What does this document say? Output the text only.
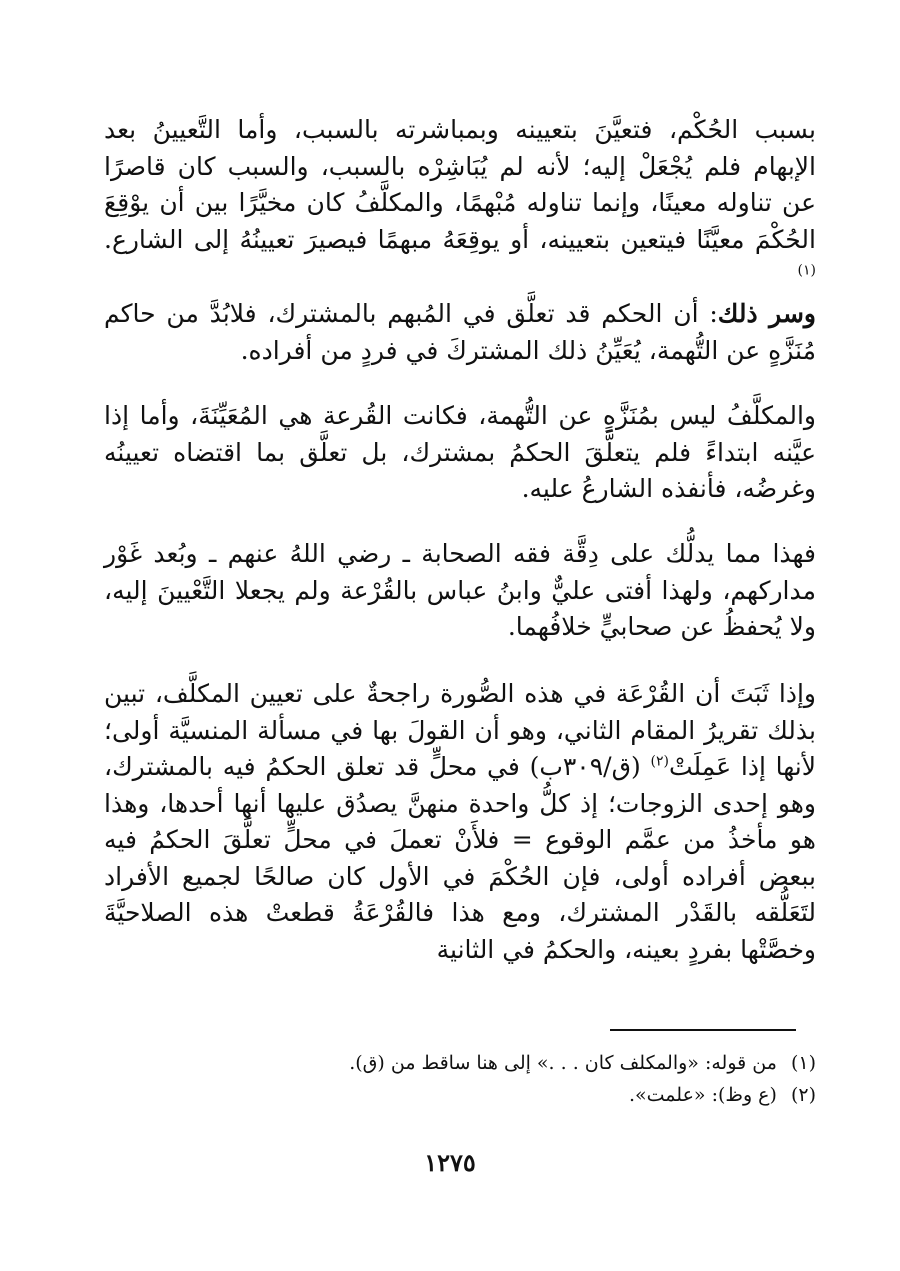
بسبب الحُكْم، فتعيَّنَ بتعيينه وبمباشرته بالسبب، وأما التَّعيينُ بعد الإبهام فلم يُجْعَلْ إليه؛ لأنه لم يُبَاشِرْه بالسبب، والسبب كان قاصرًا عن تناوله معينًا، وإنما تناوله مُبْهمًا، والمكلَّفُ كان مخيَّرًا بين أن يوْقِعَ الحُكْمَ معيَّنًا فيتعين بتعيينه، أو يوقِعَهُ مبهمًا فيصيرَ تعيينُهُ إلى الشارع. $^{(١)}$

وسر ذلك: أن الحكم قد تعلَّق في المُبهم بالمشترك، فلابُدَّ من حاكم مُنَزَّهٍ عن التُّهمة، يُعَيِّنُ ذلك المشتركَ في فردٍ من أفراده.

والمكلَّفُ ليس بمُنَزَّهٍ عن التُّهمة، فكانت القُرعة هي المُعَيِّنَةَ، وأما إذا عيَّنه ابتداءً فلم يتعلَّقَ الحكمُ بمشترك، بل تعلَّق بما اقتضاه تعيينُه وغرضُه، فأنفذه الشارعُ عليه.

فهذا مما يدلُّك على دِقَّة فقه الصحابة ـ رضي اللهُ عنهم ـ وبُعد غَوْر مداركهم، ولهذا أفتى عليٌّ وابنُ عباس بالقُرْعة ولم يجعلا التَّعْيينَ إليه، ولا يُحفظُ عن صحابيٍّ خلافُهما.

وإذا ثَبَتَ أن القُرْعَة في هذه الصُّورة راجحةٌ على تعيين المكلَّف، تبين بذلك تقريرُ المقام الثاني، وهو أن القولَ بها في مسألة المنسيَّة أولى؛ لأنها إذا عَمِلَتْ$^{(٢)}$ (ق/٣٠٩ب) في محلٍّ قد تعلق الحكمُ فيه بالمشترك، وهو إحدى الزوجات؛ إذ كلُّ واحدة منهنَّ يصدُق عليها أنها أحدها، وهذا هو مأخذُ من عمَّم الوقوع = فلأَنْ تعملَ في محلٍّ تعلَّقَ الحكمُ فيه ببعض أفراده أولى، فإن الحُكْمَ في الأول كان صالحًا لجميع الأفراد لتَعَلُّقه بالقَدْر المشترك، ومع هذا فالقُرْعَةُ قطعتْ هذه الصلاحيَّةَ وخصَّتْها بفردٍ بعينه، والحكمُ في الثانية

(١)من قوله: «والمكلف كان . . .» إلى هنا ساقط من (ق).

(٢)(ع وظ): «علمت».

١٢٧٥
